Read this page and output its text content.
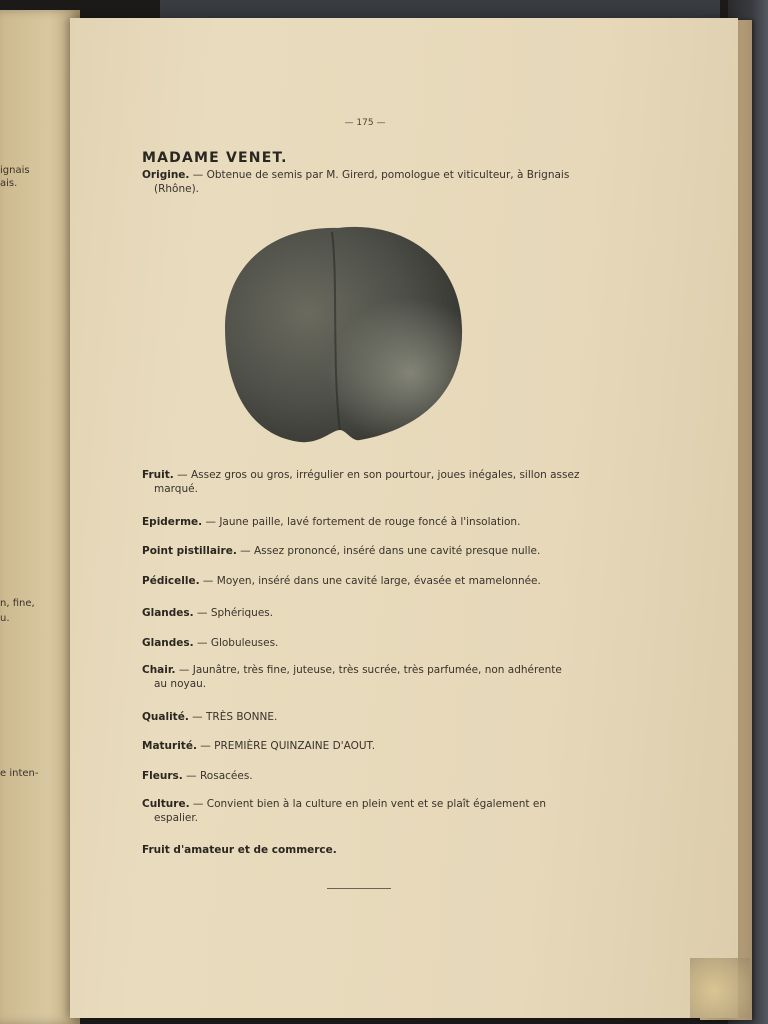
ignais
ais.
n, fine,
u.
e inten-
— 175 —
MADAME VENET.
Origine. — Obtenue de semis par M. Girerd, pomologue et viticulteur, à Brignais
(Rhône).
Fruit. — Assez gros ou gros, irrégulier en son pourtour, joues inégales, sillon assez
marqué.
Epiderme. — Jaune paille, lavé fortement de rouge foncé à l'insolation.
Point pistillaire. — Assez prononcé, inséré dans une cavité presque nulle.
Pédicelle. — Moyen, inséré dans une cavité large, évasée et mamelonnée.
Glandes. — Sphériques.
Glandes. — Globuleuses.
Chair. — Jaunâtre, très fine, juteuse, très sucrée, très parfumée, non adhérente
au noyau.
Qualité. — TRÈS BONNE.
Maturité. — PREMIÈRE QUINZAINE D'AOUT.
Fleurs. — Rosacées.
Culture. — Convient bien à la culture en plein vent et se plaît également en
espalier.
Fruit d'amateur et de commerce.
